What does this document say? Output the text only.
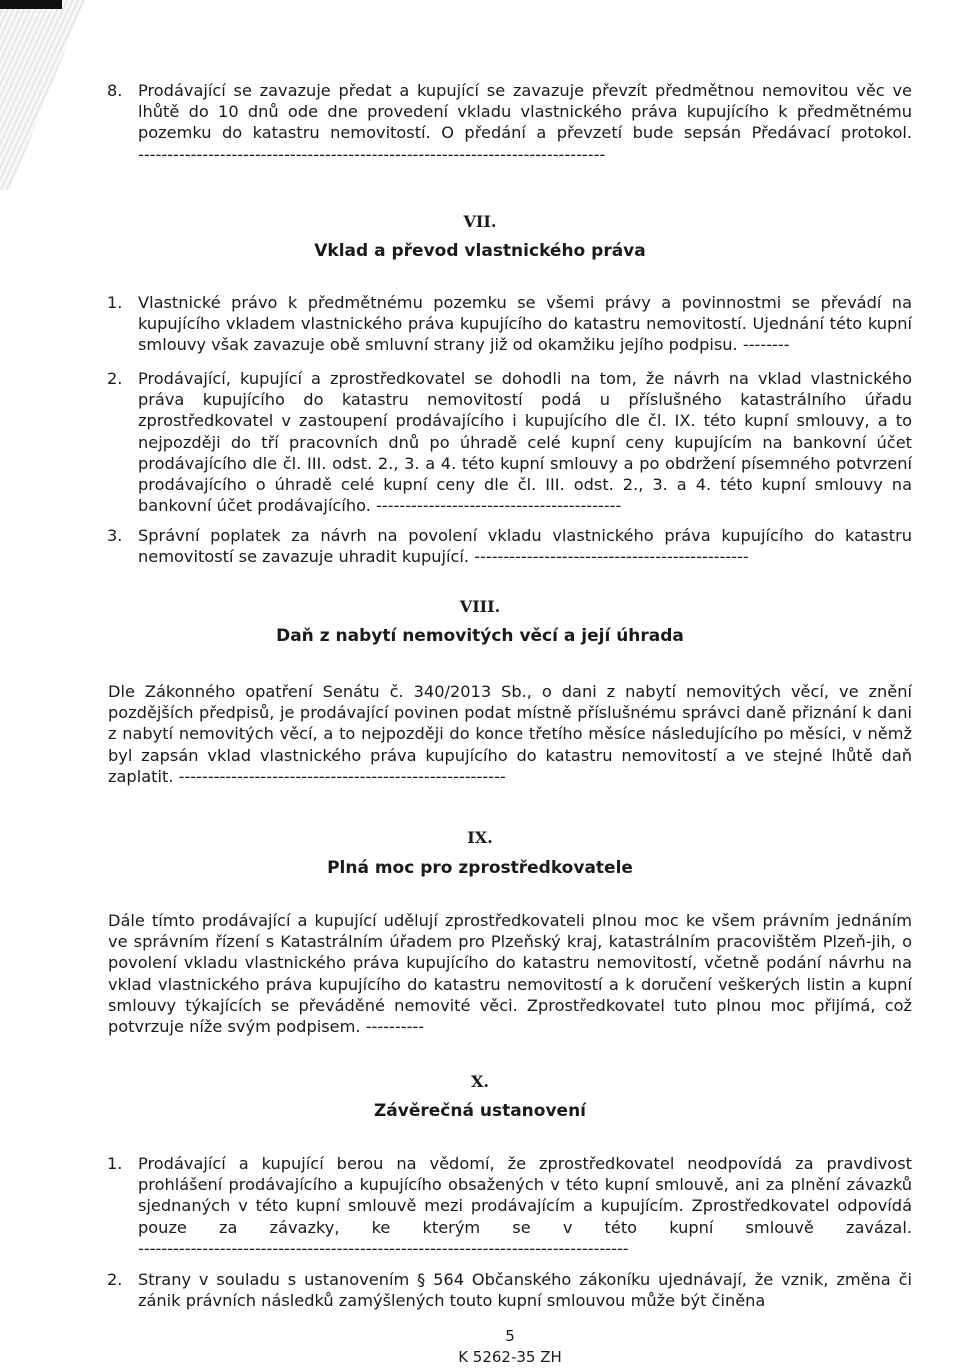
8. Prodávající se zavazuje předat a kupující se zavazuje převzít předmětnou nemovitou věc ve lhůtě do 10 dnů ode dne provedení vkladu vlastnického práva kupujícího k předmětnému pozemku do katastru nemovitostí. O předání a převzetí bude sepsán Předávací protokol. --------------------------------------------------------------------------------

VII.
Vklad a převod vlastnického práva
1. Vlastnické právo k předmětnému pozemku se všemi právy a povinnostmi se převádí na kupujícího vkladem vlastnického práva kupujícího do katastru nemovitostí. Ujednání této kupní smlouvy však zavazuje obě smluvní strany již od okamžiku jejího podpisu. --------

2. Prodávající, kupující a zprostředkovatel se dohodli na tom, že návrh na vklad vlastnického práva kupujícího do katastru nemovitostí podá u příslušného katastrálního úřadu zprostředkovatel v zastoupení prodávajícího i kupujícího dle čl. IX. této kupní smlouvy, a to nejpozději do tří pracovních dnů po úhradě celé kupní ceny kupujícím na bankovní účet prodávajícího dle čl. III. odst. 2., 3. a 4. této kupní smlouvy a po obdržení písemného potvrzení prodávajícího o úhradě celé kupní ceny dle čl. III. odst. 2., 3. a 4. této kupní smlouvy na bankovní účet prodávajícího. ------------------------------------------

3. Správní poplatek za návrh na povolení vkladu vlastnického práva kupujícího do katastru nemovitostí se zavazuje uhradit kupující. -----------------------------------------------

VIII.
Daň z nabytí nemovitých věcí a její úhrada

Dle Zákonného opatření Senátu č. 340/2013 Sb., o dani z nabytí nemovitých věcí, ve znění pozdějších předpisů, je prodávající povinen podat místně příslušnému správci daně přiznání k dani z nabytí nemovitých věcí, a to nejpozději do konce třetího měsíce následujícího po měsíci, v němž byl zapsán vklad vlastnického práva kupujícího do katastru nemovitostí a ve stejné lhůtě daň zaplatit. --------------------------------------------------------

IX.
Plná moc pro zprostředkovatele

Dále tímto prodávající a kupující udělují zprostředkovateli plnou moc ke všem právním jednáním ve správním řízení s Katastrálním úřadem pro Plzeňský kraj, katastrálním pracovištěm Plzeň-jih, o povolení vkladu vlastnického práva kupujícího do katastru nemovitostí, včetně podání návrhu na vklad vlastnického práva kupujícího do katastru nemovitostí a k doručení veškerých listin a kupní smlouvy týkajících se převáděné nemovité věci. Zprostředkovatel tuto plnou moc přijímá, což potvrzuje níže svým podpisem. ----------

X.
Závěrečná ustanovení
1. Prodávající a kupující berou na vědomí, že zprostředkovatel neodpovídá za pravdivost prohlášení prodávajícího a kupujícího obsažených v této kupní smlouvě, ani za plnění závazků sjednaných v této kupní smlouvě mezi prodávajícím a kupujícím. Zprostředkovatel odpovídá pouze za závazky, ke kterým se v této kupní smlouvě zavázal. ------------------------------------------------------------------------------------

2. Strany v souladu s ustanovením § 564 Občanského zákoníku ujednávají, že vznik, změna či zánik právních následků zamýšlených touto kupní smlouvou může být činěna

5
K 5262-35 ZH
